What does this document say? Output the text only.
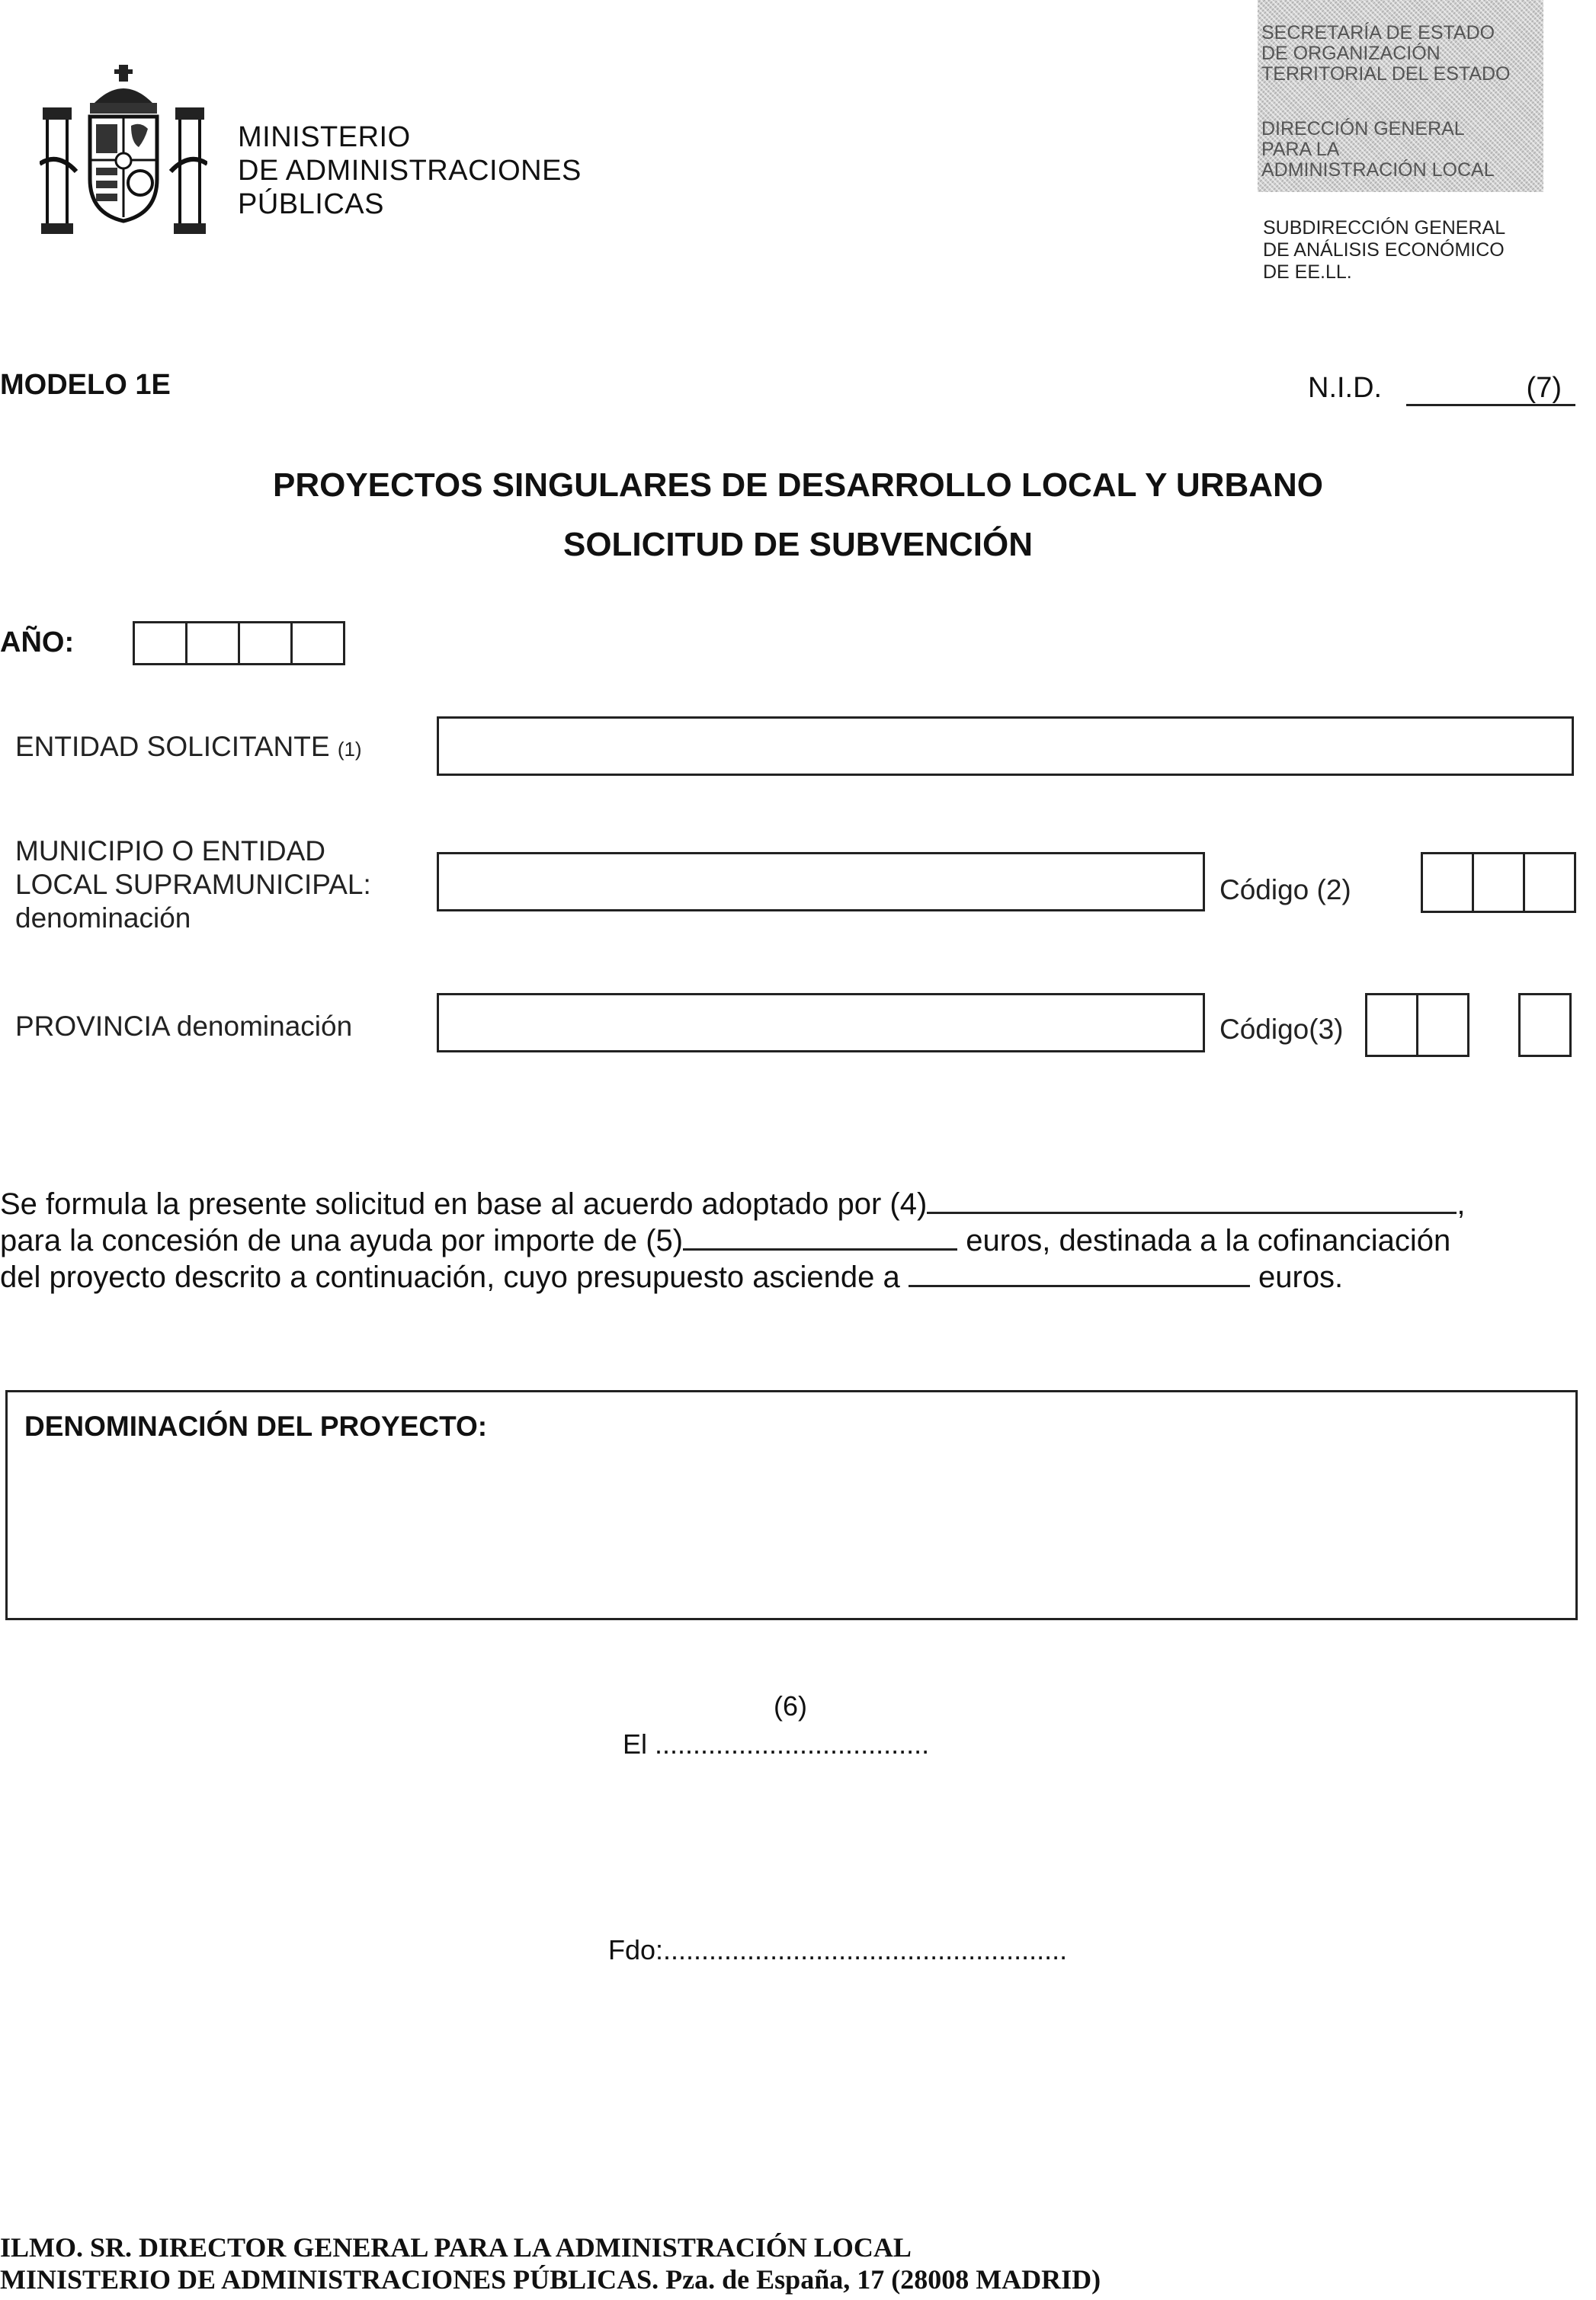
MINISTERIO
DE ADMINISTRACIONES
PÚBLICAS
SECRETARÍA DE ESTADO
DE ORGANIZACIÓN
TERRITORIAL DEL ESTADO
DIRECCIÓN GENERAL
PARA LA
ADMINISTRACIÓN LOCAL
SUBDIRECCIÓN GENERAL
DE ANÁLISIS ECONÓMICO
DE EE.LL.
MODELO 1E	N.I.D.	(7)
PROYECTOS SINGULARES DE DESARROLLO LOCAL Y URBANO
SOLICITUD DE SUBVENCIÓN
AÑO:
ENTIDAD SOLICITANTE (1)
MUNICIPIO O ENTIDAD
LOCAL SUPRAMUNICIPAL:
denominación
Código (2)
PROVINCIA denominación	Código(3)
Se formula la presente solicitud en base al acuerdo adoptado por (4)	,
para la concesión de una ayuda por importe de (5)	euros, destinada a la cofinanciación
del proyecto descrito a continuación, cuyo presupuesto asciende a	euros.
DENOMINACIÓN DEL PROYECTO:
(6)
El ....................................
Fdo:.....................................................
ILMO. SR. DIRECTOR GENERAL PARA LA ADMINISTRACIÓN LOCAL
MINISTERIO DE ADMINISTRACIONES PÚBLICAS. Pza. de España, 17 (28008 MADRID)
